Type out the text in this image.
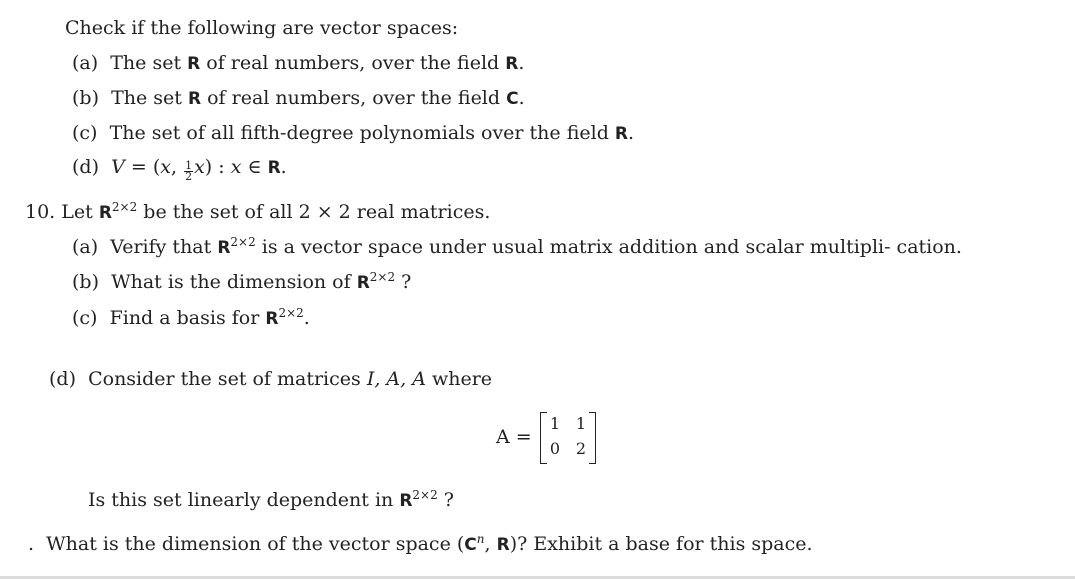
Check if the following are vector spaces:
(a) The set R of real numbers, over the field R.
(b) The set R of real numbers, over the field C.
(c) The set of all fifth-degree polynomials over the field R.
(d) V = (x, $\frac{1}{2} x$) : x ∈ R.
10. Let $R^{2\times 2}$ be the set of all 2 × 2 real matrices.
(a) Verify that $R^{2\times 2}$ is a vector space under usual matrix addition and scalar multipli- cation.
(b) What is the dimension of $R^{2\times 2}$ ?
(c) Find a basis for $R^{2\times 2}$.
(d) Consider the set of matrices I, A, A where
A =
1 1
0 2
Is this set linearly dependent in $R^{2\times 2}$ ?
. What is the dimension of the vector space ($C^n$, R)? Exhibit a base for this space.
